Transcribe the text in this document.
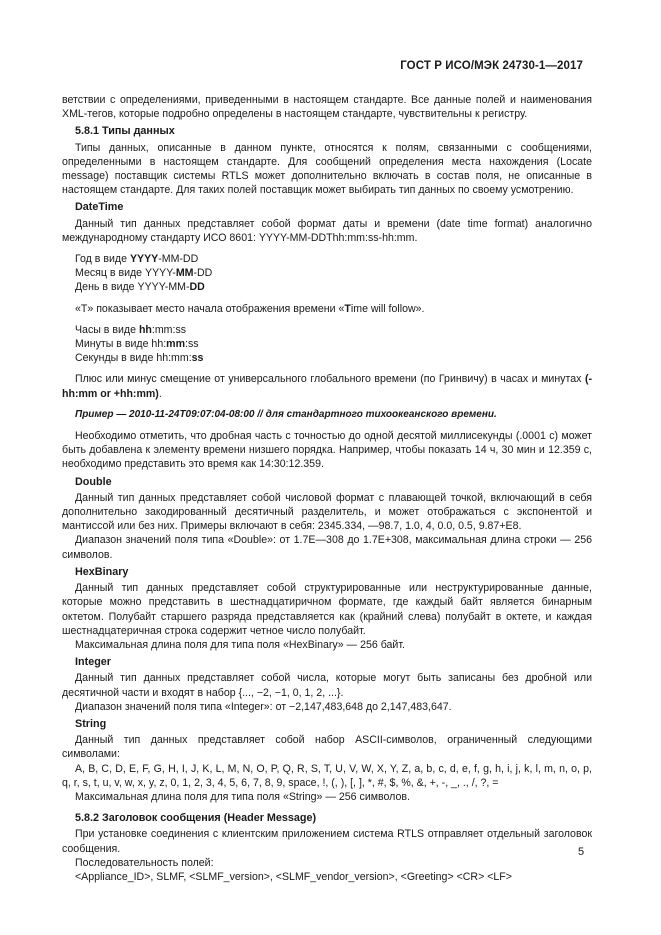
ГОСТ Р ИСО/МЭК 24730-1—2017

ветствии с определениями, приведенными в настоящем стандарте. Все данные полей и наименования XML-тегов, которые подробно определены в настоящем стандарте, чувствительны к регистру.

5.8.1 Типы данных

Типы данных, описанные в данном пункте, относятся к полям, связанными с сообщениями, определенными в настоящем стандарте. Для сообщений определения места нахождения (Locate message) поставщик системы RTLS может дополнительно включать в состав поля, не описанные в настоящем стандарте. Для таких полей поставщик может выбирать тип данных по своему усмотрению.

DateTime

Данный тип данных представляет собой формат даты и времени (date time format) аналогично международному стандарту ИСО 8601: YYYY-MM-DDThh:mm:ss-hh:mm.

Год в виде YYYY-MM-DD

Месяц в виде YYYY-MM-DD

День в виде YYYY-MM-DD

«T» показывает место начала отображения времени «Time will follow».

Часы в виде hh:mm:ss

Минуты в виде hh:mm:ss

Секунды в виде hh:mm:ss

Плюс или минус смещение от универсального глобального времени (по Гринвичу) в часах и минутах (-hh:mm or +hh:mm).

Пример — 2010-11-24T09:07:04-08:00 // для стандартного тихоокеанского времени.

Необходимо отметить, что дробная часть с точностью до одной десятой миллисекунды (.0001 с) может быть добавлена к элементу времени низшего порядка. Например, чтобы показать 14 ч, 30 мин и 12.359 с, необходимо представить это время как 14:30:12.359.

Double

Данный тип данных представляет собой числовой формат с плавающей точкой, включающий в себя дополнительно закодированный десятичный разделитель, и может отображаться с экспонентой и мантиссой или без них. Примеры включают в себя: 2345.334, —98.7, 1.0, 4, 0.0, 0.5, 9.87+E8.

Диапазон значений поля типа «Double»: от 1.7E—308 до 1.7E+308, максимальная длина строки — 256 символов.

HexBinary

Данный тип данных представляет собой структурированные или неструктурированные данные, которые можно представить в шестнадцатиричном формате, где каждый байт является бинарным октетом. Полубайт старшего разряда представляется как (крайний слева) полубайт в октете, и каждая шестнадцатеричная строка содержит четное число полубайт.

Максимальная длина поля для типа поля «HexBinary» — 256 байт.

Integer

Данный тип данных представляет собой числа, которые могут быть записаны без дробной или десятичной части и входят в набор {..., −2, −1, 0, 1, 2, ...}.

Диапазон значений поля типа «Integer»: от −2,147,483,648 до 2,147,483,647.

String

Данный тип данных представляет собой набор ASCII-символов, ограниченный следующими символами:

A, B, C, D, E, F, G, H, I, J, K, L, M, N, O, P, Q, R, S, T, U, V, W, X, Y, Z, a, b, c, d, e, f, g, h, i, j, k, l, m, n, o, p, q, r, s, t, u, v, w, x, y, z, 0, 1, 2, 3, 4, 5, 6, 7, 8, 9, space, !, (, ), [, ], *, #, $, %, &, +, -, _, ., /, ?, =

Максимальная длина поля для типа поля «String» — 256 символов.

5.8.2 Заголовок сообщения (Header Message)

При установке соединения с клиентским приложением система RTLS отправляет отдельный заголовок сообщения.

Последовательность полей:

<Appliance_ID>, SLMF, <SLMF_version>, <SLMF_vendor_version>, <Greeting> <CR> <LF>

5
